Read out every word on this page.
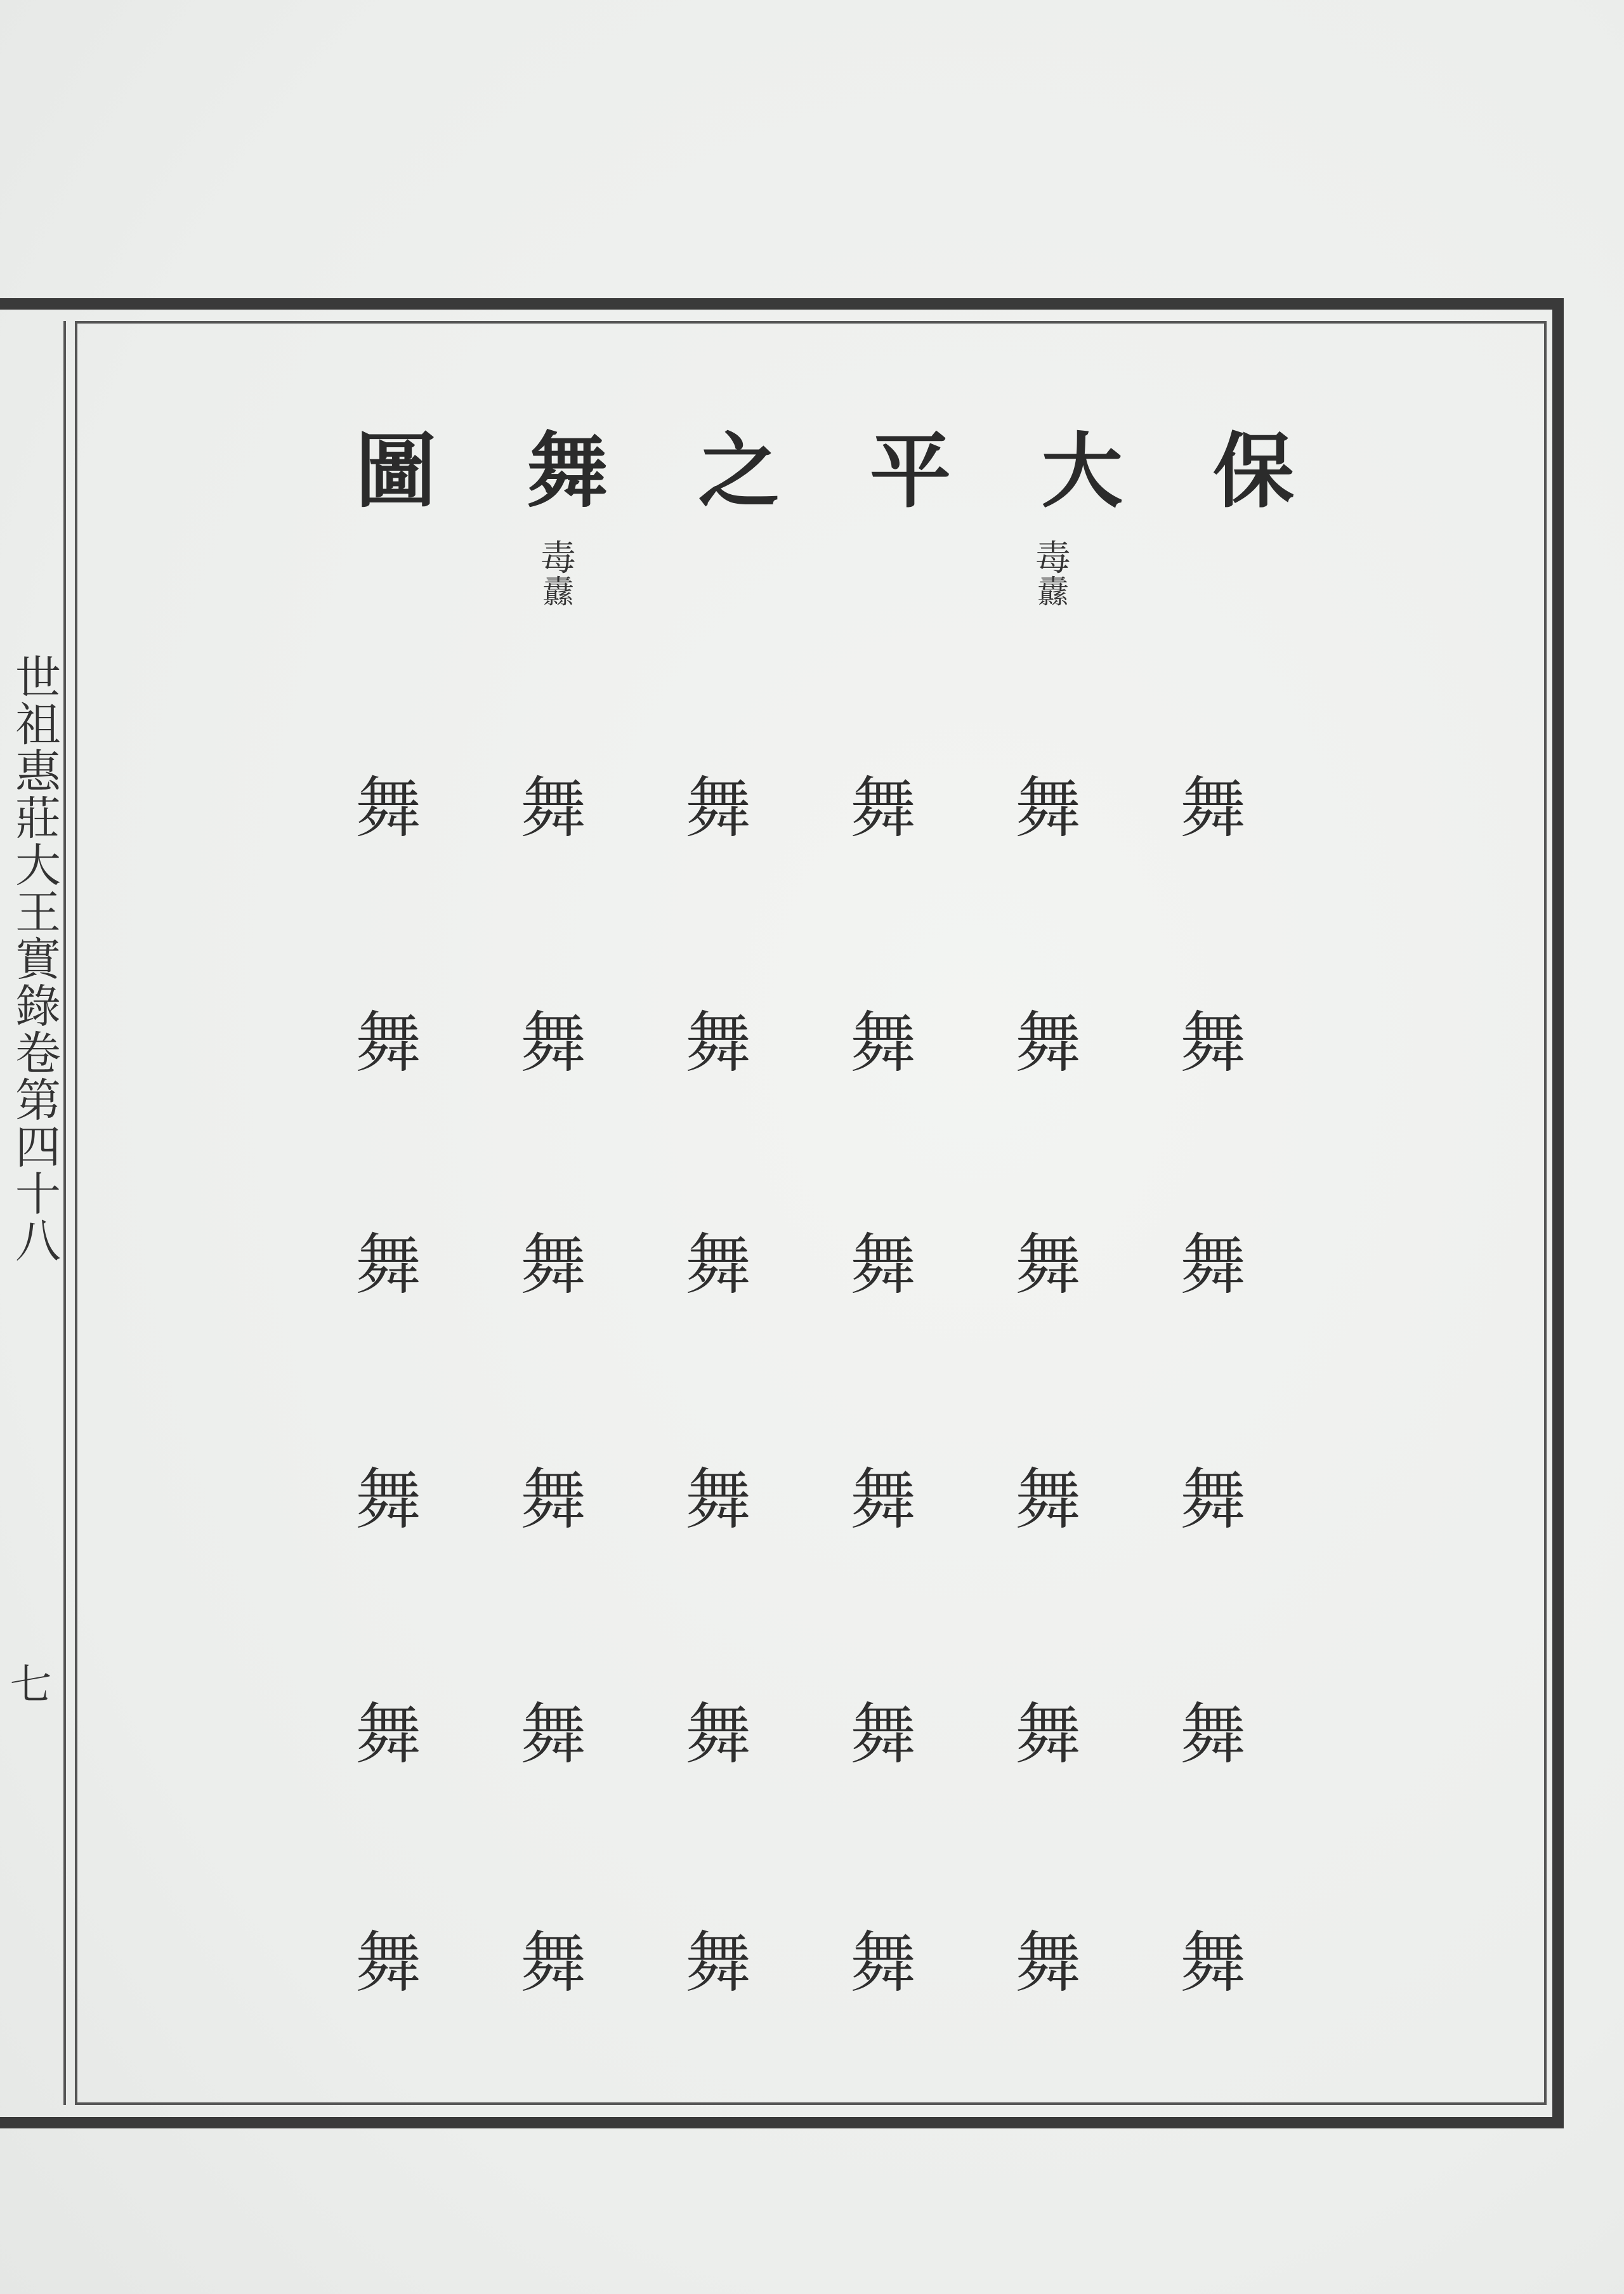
世祖惠莊大王實錄卷第四十八
七
保
大
平
之
舞
圖
毒
纛
毒
纛
舞 舞 舞 舞 舞 舞
舞 舞 舞 舞 舞 舞
舞 舞 舞 舞 舞 舞
舞 舞 舞 舞 舞 舞
舞 舞 舞 舞 舞 舞
舞 舞 舞 舞 舞 舞
